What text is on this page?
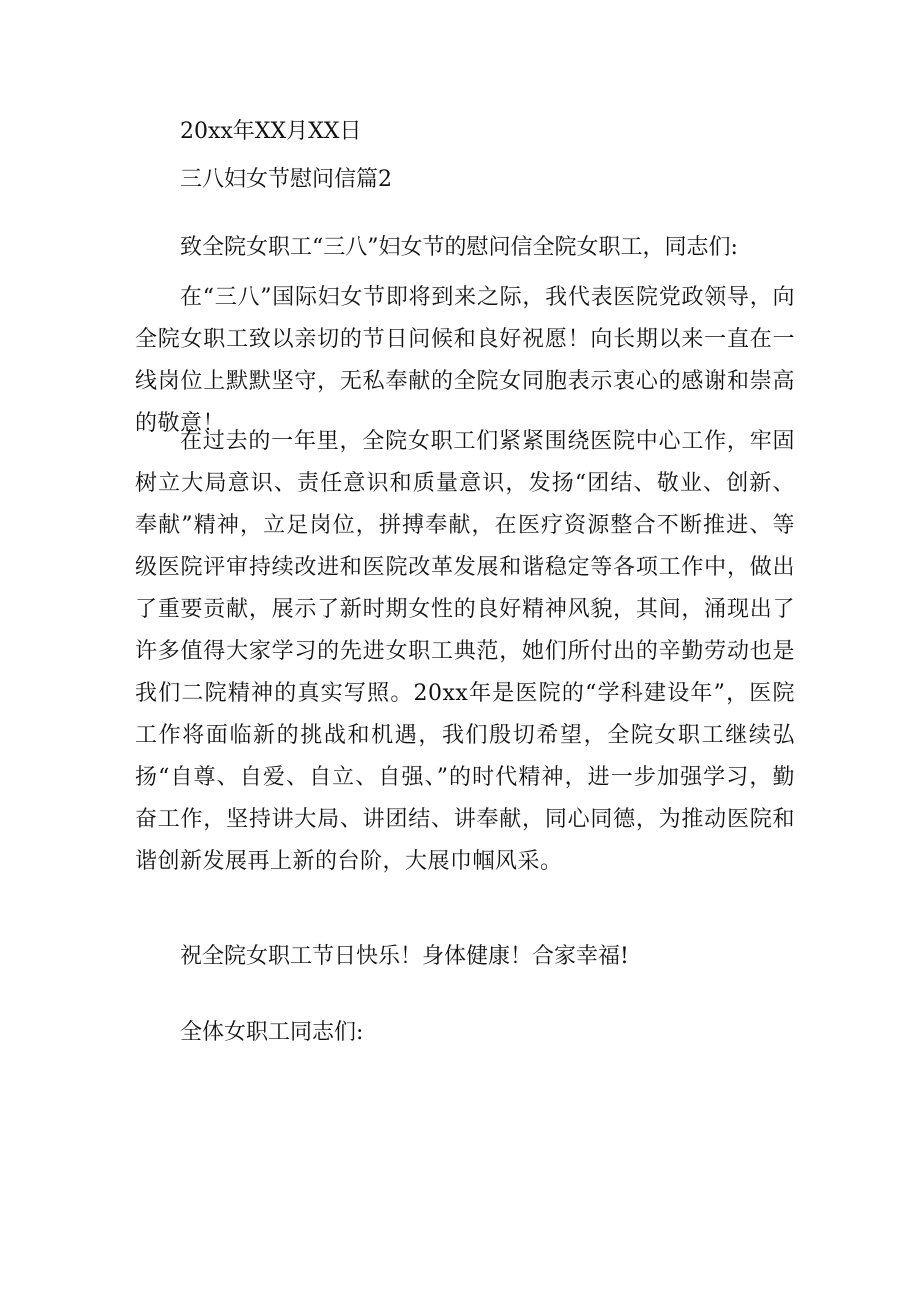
20xx年XX月XX日

三八妇女节慰问信篇2

致全院女职工“三八”妇女节的慰问信全院女职工，同志们:

在“三八”国际妇女节即将到来之际，我代表医院党政领导，向全院女职工致以亲切的节日问候和良好祝愿！向长期以来一直在一线岗位上默默坚守，无私奉献的全院女同胞表示衷心的感谢和崇高的敬意！

在过去的一年里，全院女职工们紧紧围绕医院中心工作，牢固树立大局意识、责任意识和质量意识，发扬“团结、敬业、创新、奉献”精神，立足岗位，拼搏奉献，在医疗资源整合不断推进、等级医院评审持续改进和医院改革发展和谐稳定等各项工作中，做出了重要贡献，展示了新时期女性的良好精神风貌，其间，涌现出了许多值得大家学习的先进女职工典范，她们所付出的辛勤劳动也是我们二院精神的真实写照。20xx年是医院的“学科建设年”，医院工作将面临新的挑战和机遇，我们殷切希望，全院女职工继续弘扬“自尊、自爱、自立、自强、”的时代精神，进一步加强学习，勤奋工作，坚持讲大局、讲团结、讲奉献，同心同德，为推动医院和谐创新发展再上新的台阶，大展巾帼风采。

祝全院女职工节日快乐！身体健康！合家幸福!

全体女职工同志们:
